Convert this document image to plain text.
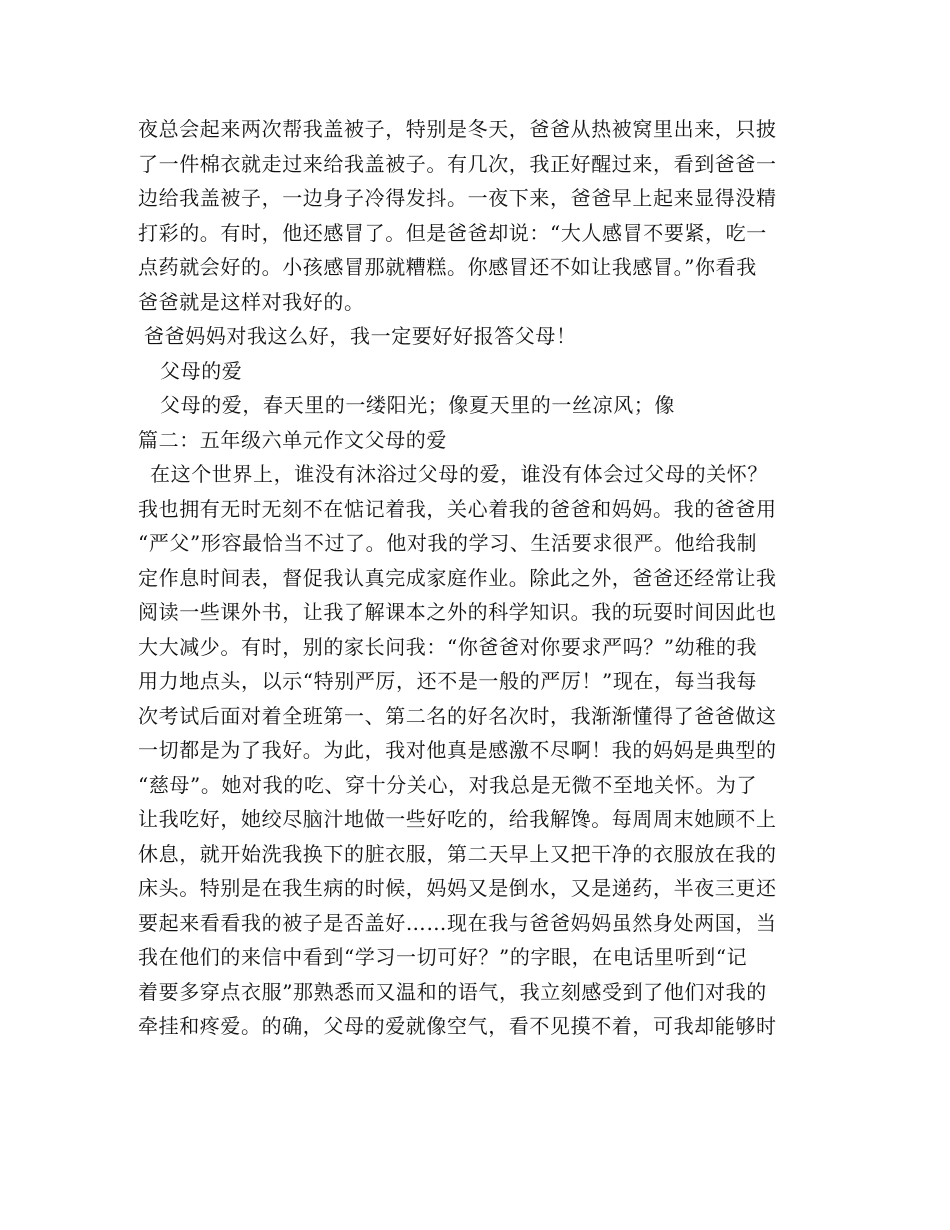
夜总会起来两次帮我盖被子，特别是冬天，爸爸从热被窝里出来，只披
了一件棉衣就走过来给我盖被子。有几次，我正好醒过来，看到爸爸一
边给我盖被子，一边身子冷得发抖。一夜下来，爸爸早上起来显得没精
打彩的。有时，他还感冒了。但是爸爸却说：“大人感冒不要紧，吃一
点药就会好的。小孩感冒那就糟糕。你感冒还不如让我感冒。”你看我
爸爸就是这样对我好的。
爸爸妈妈对我这么好，我一定要好好报答父母！
父母的爱
父母的爱，春天里的一缕阳光；像夏天里的一丝凉风；像
篇二：五年级六单元作文父母的爱
在这个世界上，谁没有沐浴过父母的爱，谁没有体会过父母的关怀？
我也拥有无时无刻不在惦记着我，关心着我的爸爸和妈妈。我的爸爸用
“严父”形容最恰当不过了。他对我的学习、生活要求很严。他给我制
定作息时间表，督促我认真完成家庭作业。除此之外，爸爸还经常让我
阅读一些课外书，让我了解课本之外的科学知识。我的玩耍时间因此也
大大减少。有时，别的家长问我：“你爸爸对你要求严吗？”幼稚的我
用力地点头，以示“特别严厉，还不是一般的严厉！”现在，每当我每
次考试后面对着全班第一、第二名的好名次时，我渐渐懂得了爸爸做这
一切都是为了我好。为此，我对他真是感激不尽啊！我的妈妈是典型的
“慈母”。她对我的吃、穿十分关心，对我总是无微不至地关怀。为了
让我吃好，她绞尽脑汁地做一些好吃的，给我解馋。每周周末她顾不上
休息，就开始洗我换下的脏衣服，第二天早上又把干净的衣服放在我的
床头。特别是在我生病的时候，妈妈又是倒水，又是递药，半夜三更还
要起来看看我的被子是否盖好……现在我与爸爸妈妈虽然身处两国，当
我在他们的来信中看到“学习一切可好？”的字眼，在电话里听到“记
着要多穿点衣服”那熟悉而又温和的语气，我立刻感受到了他们对我的
牵挂和疼爱。的确，父母的爱就像空气，看不见摸不着，可我却能够时
